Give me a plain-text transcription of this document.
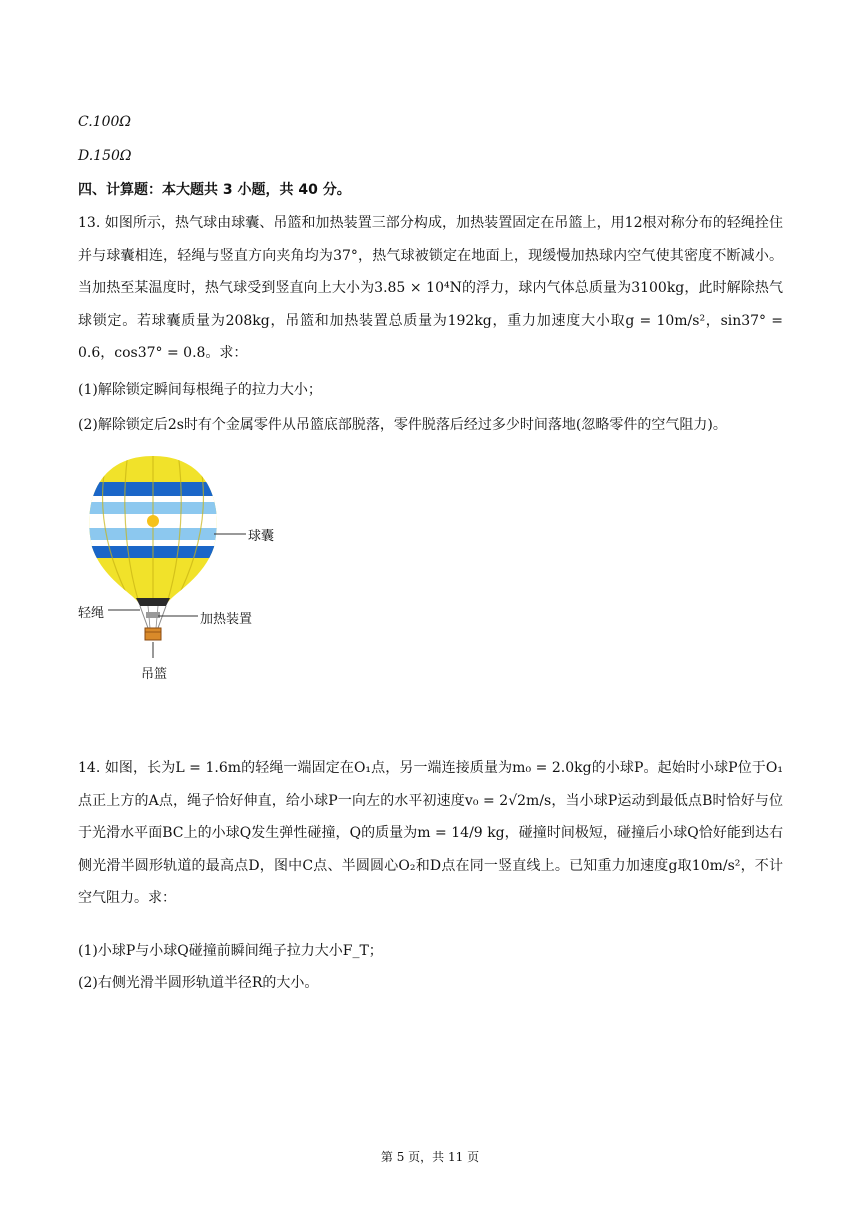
C.100Ω
D.150Ω
四、计算题：本大题共 3 小题，共 40 分。
13. 如图所示，热气球由球囊、吊篮和加热装置三部分构成，加热装置固定在吊篮上，用12根对称分布的轻绳拴住并与球囊相连，轻绳与竖直方向夹角均为37°，热气球被锁定在地面上，现缓慢加热球内空气使其密度不断减小。当加热至某温度时，热气球受到竖直向上大小为3.85 × 10⁴N的浮力，球内气体总质量为3100kg，此时解除热气球锁定。若球囊质量为208kg，吊篮和加热装置总质量为192kg，重力加速度大小取g = 10m/s²，sin37° = 0.6，cos37° = 0.8。求：
(1)解除锁定瞬间每根绳子的拉力大小；
(2)解除锁定后2s时有个金属零件从吊篮底部脱落，零件脱落后经过多少时间落地(忽略零件的空气阻力)。
球囊
轻绳	加热装置
吊篮
14. 如图，长为L = 1.6m的轻绳一端固定在O₁点，另一端连接质量为m₀ = 2.0kg的小球P。起始时小球P位于O₁点正上方的A点，绳子恰好伸直，给小球P一向左的水平初速度v₀ = 2√2m/s，当小球P运动到最低点B时恰好与位于光滑水平面BC上的小球Q发生弹性碰撞，Q的质量为m = 14/9 kg，碰撞时间极短，碰撞后小球Q恰好能到达右侧光滑半圆形轨道的最高点D，图中C点、半圆圆心O₂和D点在同一竖直线上。已知重力加速度g取10m/s²，不计空气阻力。求：
(1)小球P与小球Q碰撞前瞬间绳子拉力大小F_T；
(2)右侧光滑半圆形轨道半径R的大小。
第 5 页，共 11 页
